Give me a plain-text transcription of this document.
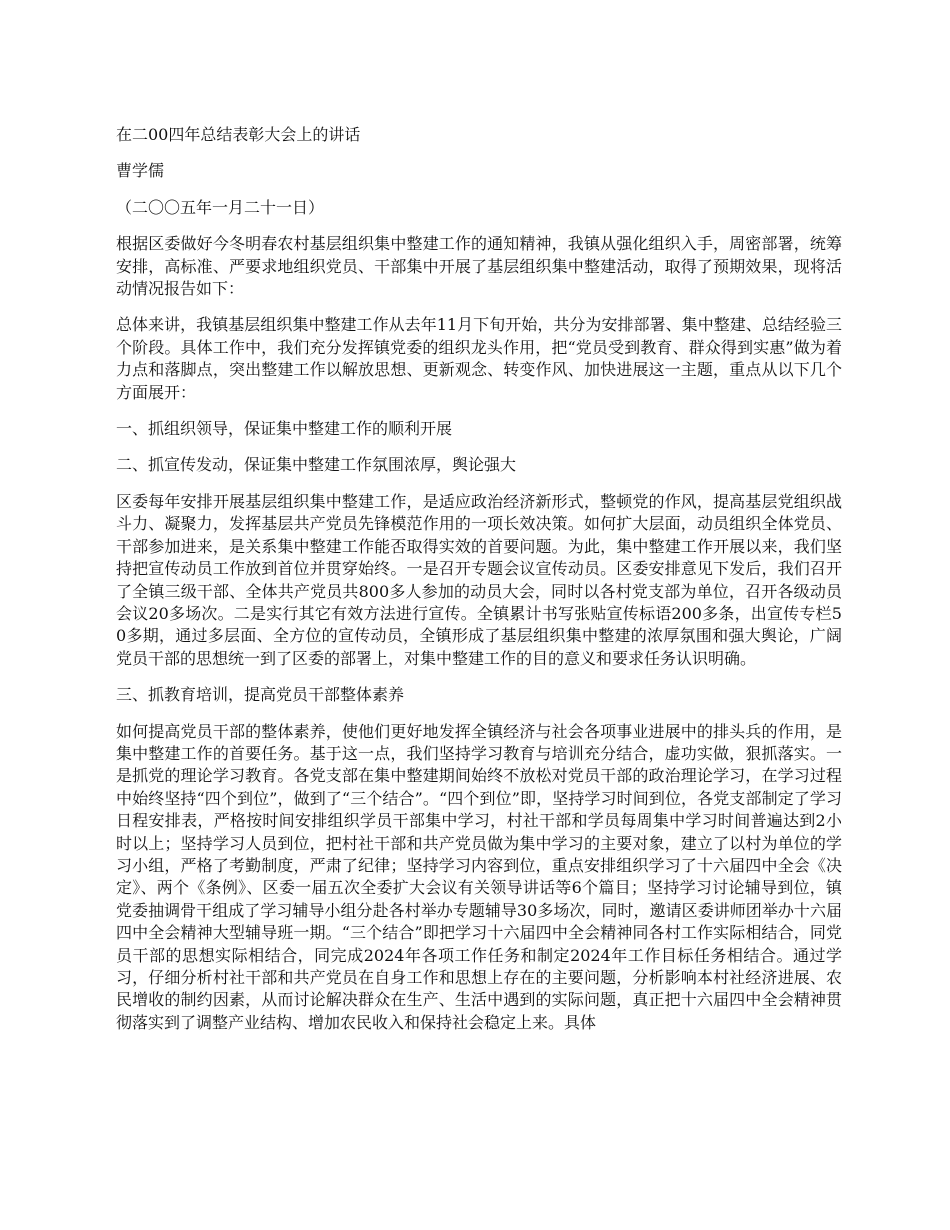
在二00四年总结表彰大会上的讲话

曹学儒

（二〇〇五年一月二十一日）

根据区委做好今冬明春农村基层组织集中整建工作的通知精神，我镇从强化组织入手，周密部署，统筹安排，高标准、严要求地组织党员、干部集中开展了基层组织集中整建活动，取得了预期效果，现将活动情况报告如下：

总体来讲，我镇基层组织集中整建工作从去年11月下旬开始，共分为安排部署、集中整建、总结经验三个阶段。具体工作中，我们充分发挥镇党委的组织龙头作用，把“党员受到教育、群众得到实惠”做为着力点和落脚点，突出整建工作以解放思想、更新观念、转变作风、加快进展这一主题，重点从以下几个方面展开：

一、抓组织领导，保证集中整建工作的顺利开展

二、抓宣传发动，保证集中整建工作氛围浓厚，舆论强大

区委每年安排开展基层组织集中整建工作，是适应政治经济新形式，整顿党的作风，提高基层党组织战斗力、凝聚力，发挥基层共产党员先锋模范作用的一项长效决策。如何扩大层面，动员组织全体党员、干部参加进来，是关系集中整建工作能否取得实效的首要问题。为此，集中整建工作开展以来，我们坚持把宣传动员工作放到首位并贯穿始终。一是召开专题会议宣传动员。区委安排意见下发后，我们召开了全镇三级干部、全体共产党员共800多人参加的动员大会，同时以各村党支部为单位，召开各级动员会议20多场次。二是实行其它有效方法进行宣传。全镇累计书写张贴宣传标语200多条，出宣传专栏50多期，通过多层面、全方位的宣传动员，全镇形成了基层组织集中整建的浓厚氛围和强大舆论，广阔党员干部的思想统一到了区委的部署上，对集中整建工作的目的意义和要求任务认识明确。

三、抓教育培训，提高党员干部整体素养

如何提高党员干部的整体素养，使他们更好地发挥全镇经济与社会各项事业进展中的排头兵的作用，是集中整建工作的首要任务。基于这一点，我们坚持学习教育与培训充分结合，虚功实做，狠抓落实。一是抓党的理论学习教育。各党支部在集中整建期间始终不放松对党员干部的政治理论学习，在学习过程中始终坚持“四个到位”，做到了“三个结合”。“四个到位”即，坚持学习时间到位，各党支部制定了学习日程安排表，严格按时间安排组织学员干部集中学习，村社干部和学员每周集中学习时间普遍达到2小时以上；坚持学习人员到位，把村社干部和共产党员做为集中学习的主要对象，建立了以村为单位的学习小组，严格了考勤制度，严肃了纪律；坚持学习内容到位，重点安排组织学习了十六届四中全会《决定》、两个《条例》、区委一届五次全委扩大会议有关领导讲话等6个篇目；坚持学习讨论辅导到位，镇党委抽调骨干组成了学习辅导小组分赴各村举办专题辅导30多场次，同时，邀请区委讲师团举办十六届四中全会精神大型辅导班一期。“三个结合”即把学习十六届四中全会精神同各村工作实际相结合，同党员干部的思想实际相结合，同完成2024年各项工作任务和制定2024年工作目标任务相结合。通过学习，仔细分析村社干部和共产党员在自身工作和思想上存在的主要问题，分析影响本村社经济进展、农民增收的制约因素，从而讨论解决群众在生产、生活中遇到的实际问题，真正把十六届四中全会精神贯彻落实到了调整产业结构、增加农民收入和保持社会稳定上来。具体
